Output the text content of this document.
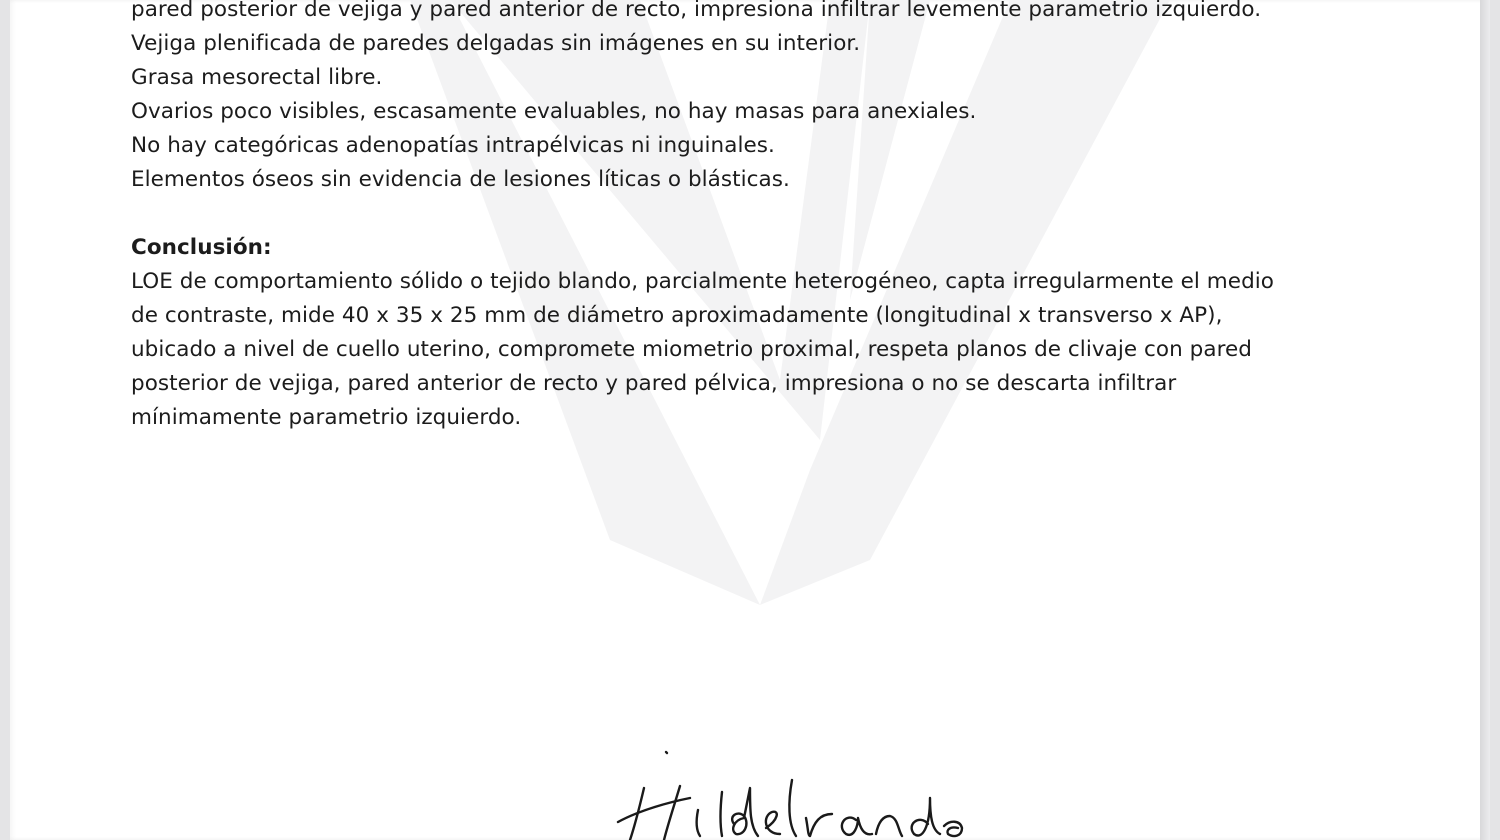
pared posterior de vejiga y pared anterior de recto, impresiona infiltrar levemente parametrio izquierdo.
Vejiga plenificada de paredes delgadas sin imágenes en su interior.
Grasa mesorectal libre.
Ovarios poco visibles, escasamente evaluables, no hay masas para anexiales.
No hay categóricas adenopatías intrapélvicas ni inguinales.
Elementos óseos sin evidencia de lesiones líticas o blásticas.
Conclusión:
LOE de comportamiento sólido o tejido blando, parcialmente heterogéneo, capta irregularmente el medio
de contraste, mide 40 x 35 x 25 mm de diámetro aproximadamente (longitudinal x transverso x AP),
ubicado a nivel de cuello uterino, compromete miometrio proximal, respeta planos de clivaje con pared
posterior de vejiga, pared anterior de recto y pared pélvica, impresiona o no se descarta infiltrar
mínimamente parametrio izquierdo.
